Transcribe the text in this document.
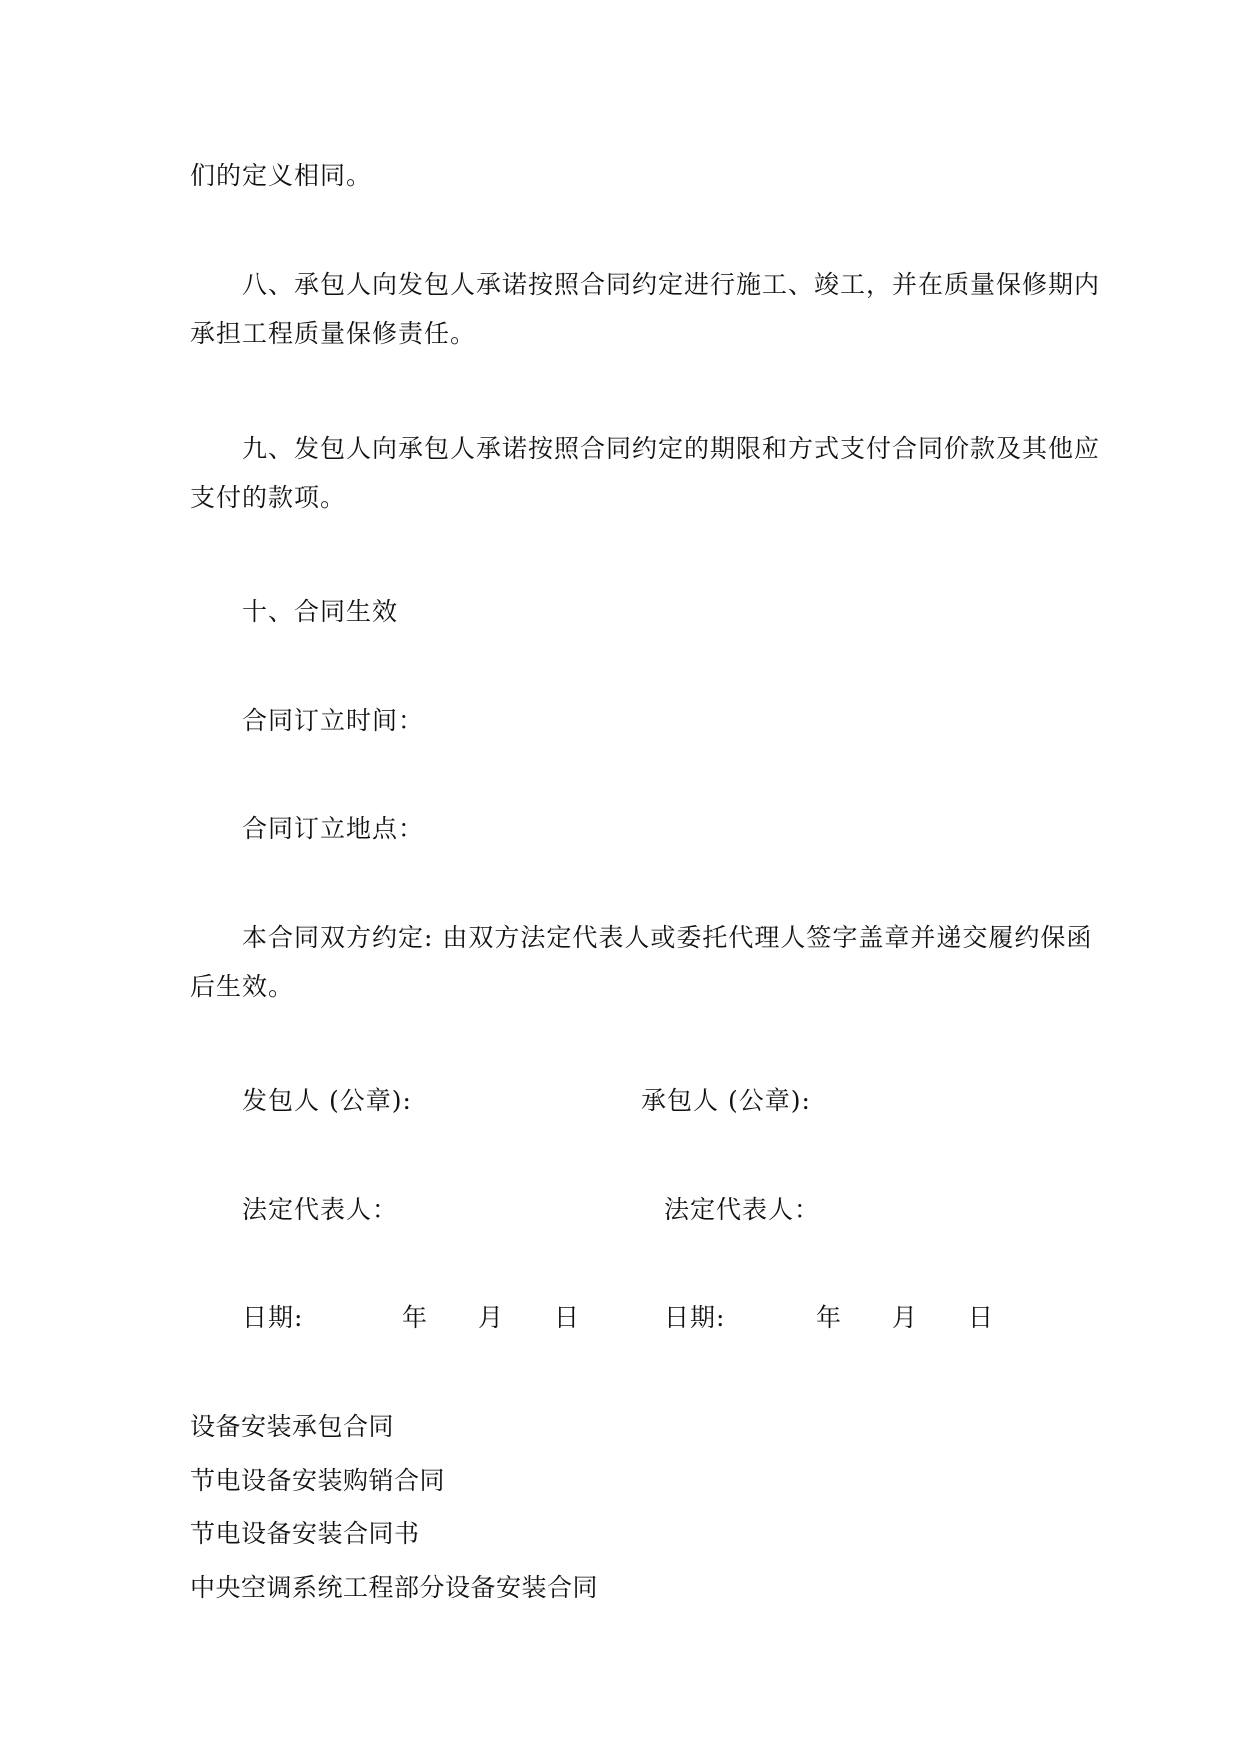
们的定义相同。
八、承包人向发包人承诺按照合同约定进行施工、竣工，并在质量保修期内
承担工程质量保修责任。
九、发包人向承包人承诺按照合同约定的期限和方式支付合同价款及其他应
支付的款项。
十、合同生效
合同订立时间：
合同订立地点：
本合同双方约定: 由双方法定代表人或委托代理人签字盖章并递交履约保函
后生效。
发包人 (公章):	承包人 (公章):
法定代表人：	法定代表人：
日期:	年 月 日	日期:	年 月 日
设备安装承包合同
节电设备安装购销合同
节电设备安装合同书
中央空调系统工程部分设备安装合同
